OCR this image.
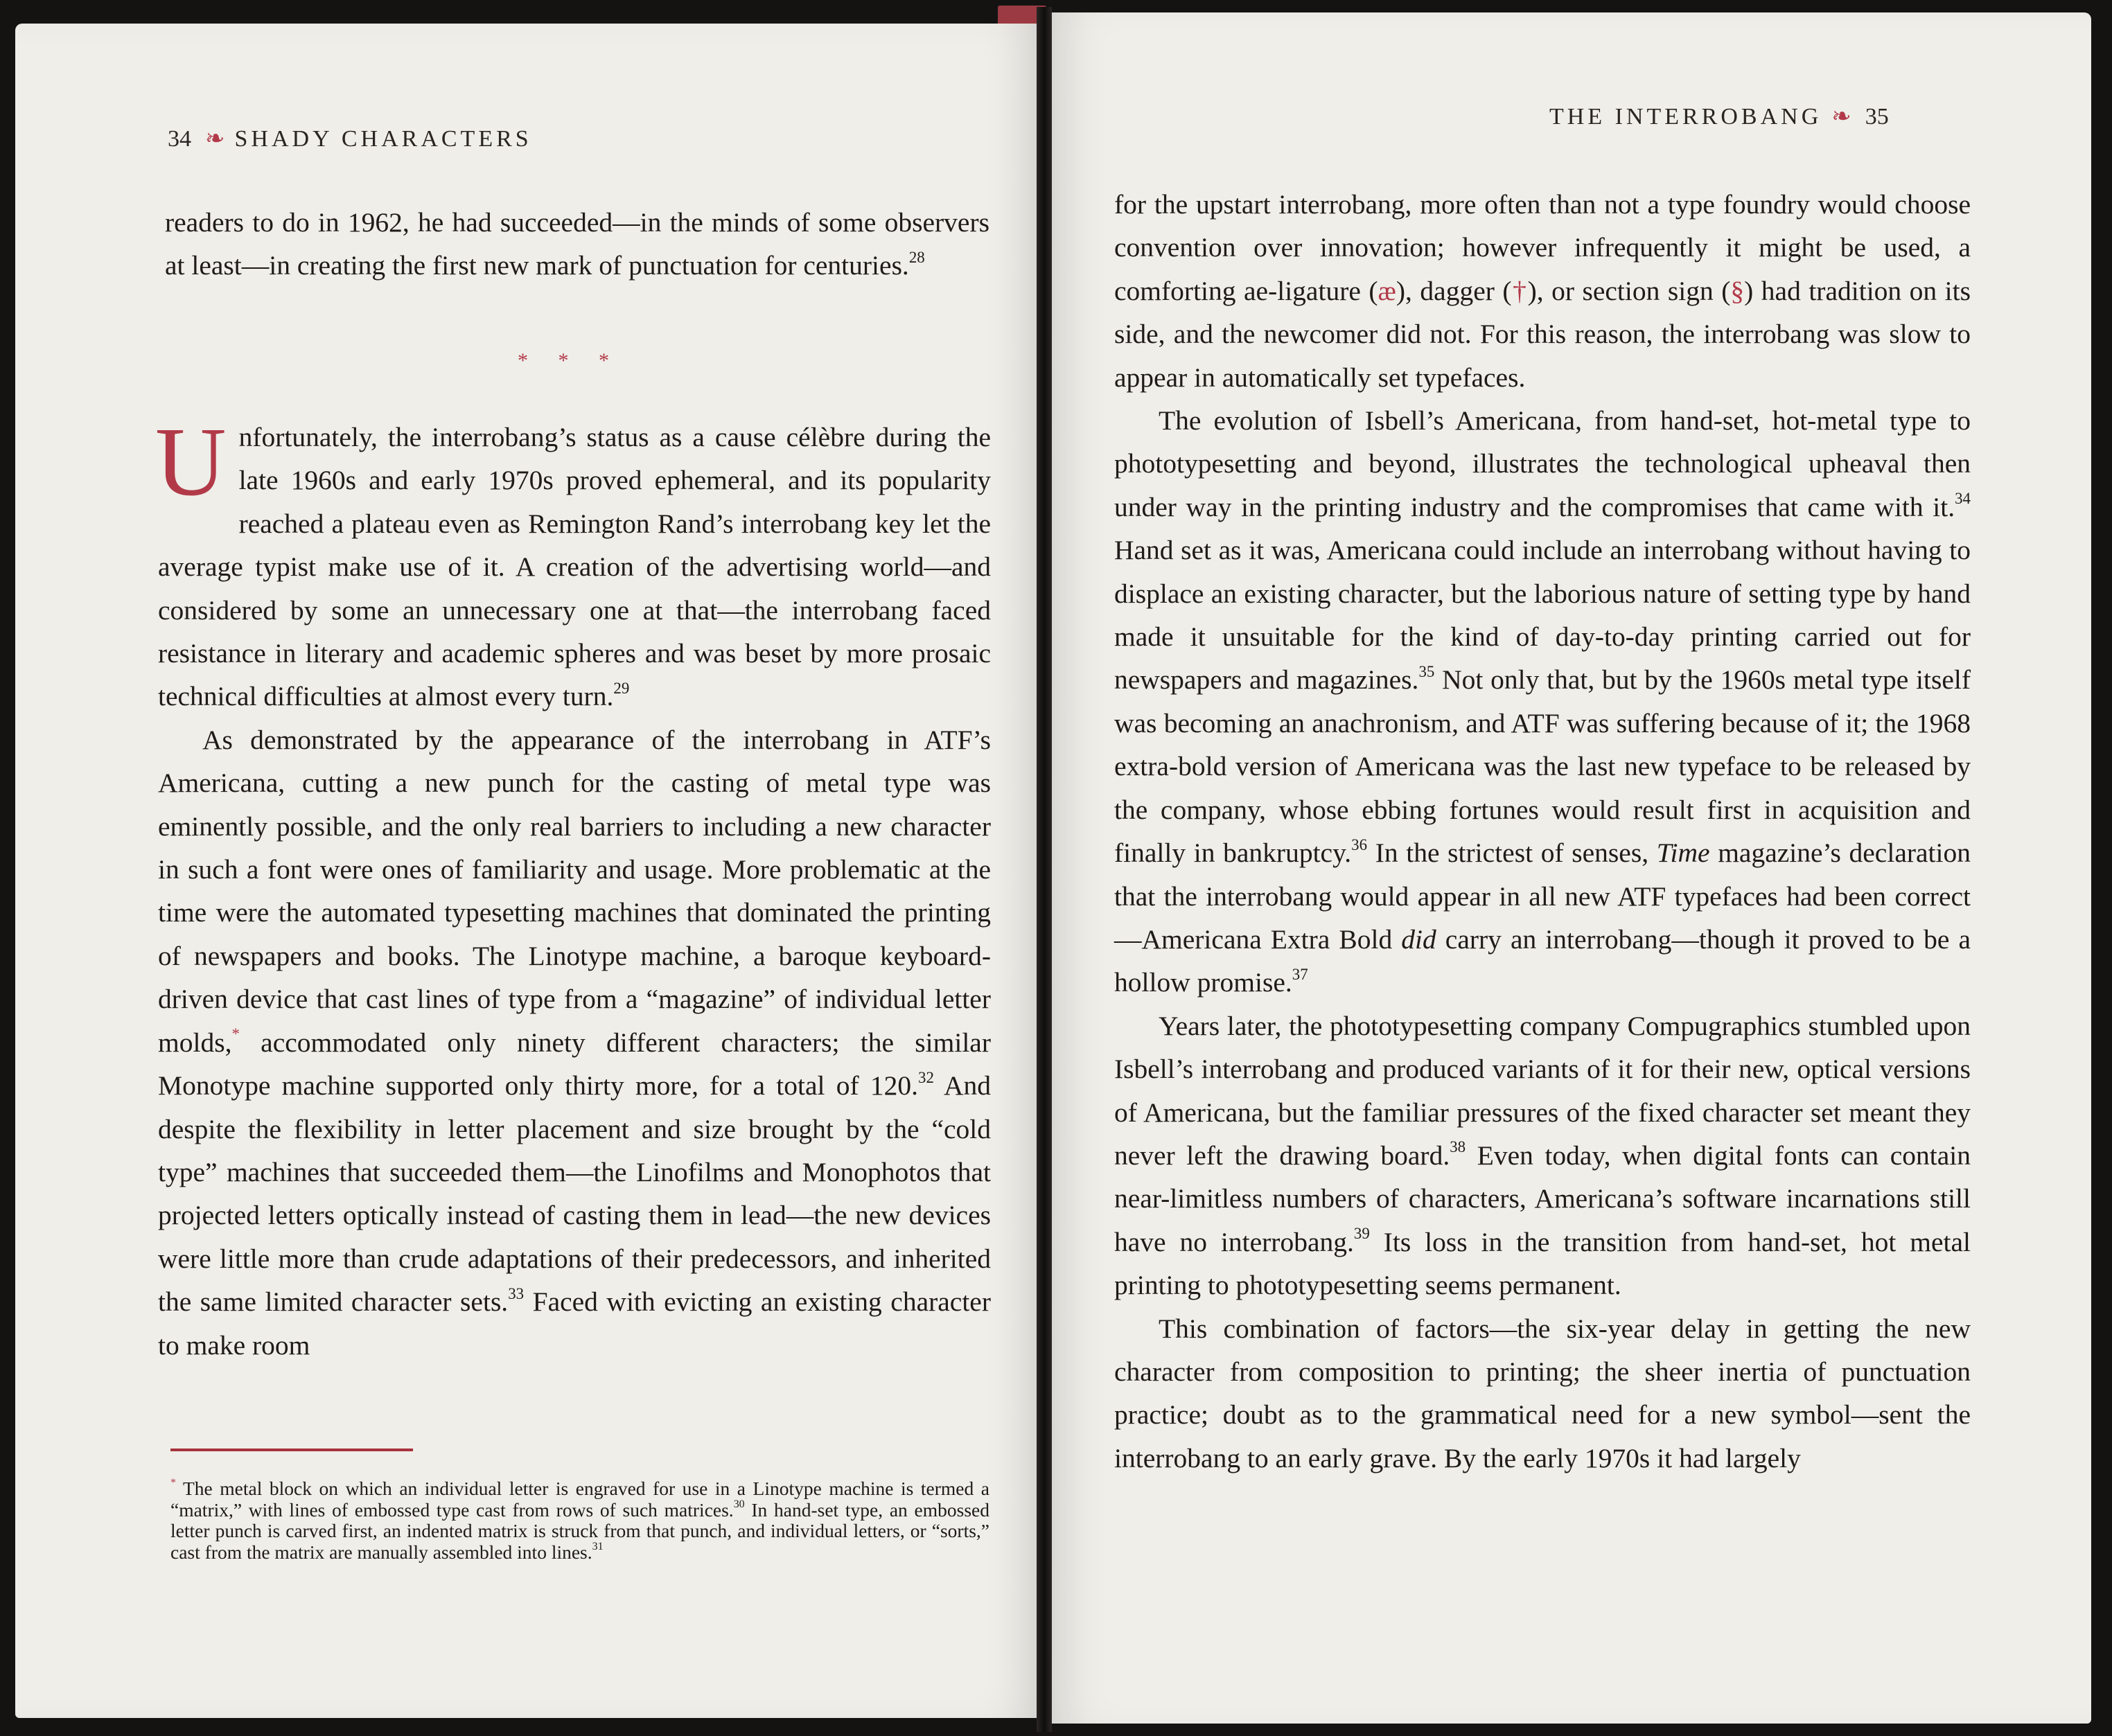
34 ❧ SHADY CHARACTERS

readers to do in 1962, he had succeeded—in the minds of some observers at least—in creating the first new mark of punctuation for centuries.$^{28}$

* * *

Unfortunately, the interrobang’s status as a cause célèbre during the late 1960s and early 1970s proved ephemeral, and its popularity reached a plateau even as Remington Rand’s interrobang key let the average typist make use of it. A creation of the advertising world—and considered by some an unnecessary one at that—the interrobang faced resistance in literary and academic spheres and was beset by more prosaic technical difficulties at almost every turn.$^{29}$

As demonstrated by the appearance of the interrobang in ATF’s Americana, cutting a new punch for the casting of metal type was eminently possible, and the only real barriers to including a new character in such a font were ones of familiarity and usage. More problematic at the time were the automated typesetting machines that dominated the printing of newspapers and books. The Linotype machine, a baroque keyboard-driven device that cast lines of type from a “magazine” of individual letter molds,* accommodated only ninety different characters; the similar Monotype machine supported only thirty more, for a total of 120.32 And despite the flexibility in letter placement and size brought by the “cold type” machines that succeeded them—the Linofilms and Monophotos that projected letters optically instead of casting them in lead—the new devices were little more than crude adaptations of their predecessors, and inherited the same limited character sets.$^{33}$ Faced with evicting an existing character to make room

* The metal block on which an individual letter is engraved for use in a Linotype machine is termed a “matrix,” with lines of embossed type cast from rows of such matrices.$^{30}$ In hand-set type, an embossed letter punch is carved first, an indented matrix is struck from that punch, and individual letters, or “sorts,” cast from the matrix are manually assembled into lines.$^{31}$

THE INTERROBANG ❧ 35

for the upstart interrobang, more often than not a type foundry would choose convention over innovation; however infrequently it might be used, a comforting ae-ligature (æ), dagger (†), or section sign (§) had tradition on its side, and the newcomer did not. For this reason, the interrobang was slow to appear in automatically set typefaces.

The evolution of Isbell’s Americana, from hand-set, hot-metal type to phototypesetting and beyond, illustrates the technological upheaval then under way in the printing industry and the compromises that came with it.$^{34}$ Hand set as it was, Americana could include an interrobang without having to displace an existing character, but the laborious nature of setting type by hand made it unsuitable for the kind of day-to-day printing carried out for newspapers and magazines.$^{35}$ Not only that, but by the 1960s metal type itself was becoming an anachronism, and ATF was suffering because of it; the 1968 extra-bold version of Americana was the last new typeface to be released by the company, whose ebbing fortunes would result first in acquisition and finally in bankruptcy.$^{36}$ In the strictest of senses, Time magazine’s declaration that the interrobang would appear in all new ATF typefaces had been correct—Americana Extra Bold did carry an interrobang—though it proved to be a hollow promise.$^{37}$

Years later, the phototypesetting company Compugraphics stumbled upon Isbell’s interrobang and produced variants of it for their new, optical versions of Americana, but the familiar pressures of the fixed character set meant they never left the drawing board.$^{38}$ Even today, when digital fonts can contain near-limitless numbers of characters, Americana’s software incarnations still have no interrobang.$^{39}$ Its loss in the transition from hand-set, hot metal printing to phototypesetting seems permanent.

This combination of factors—the six-year delay in getting the new character from composition to printing; the sheer inertia of punctuation practice; doubt as to the grammatical need for a new symbol—sent the interrobang to an early grave. By the early 1970s it had largely
